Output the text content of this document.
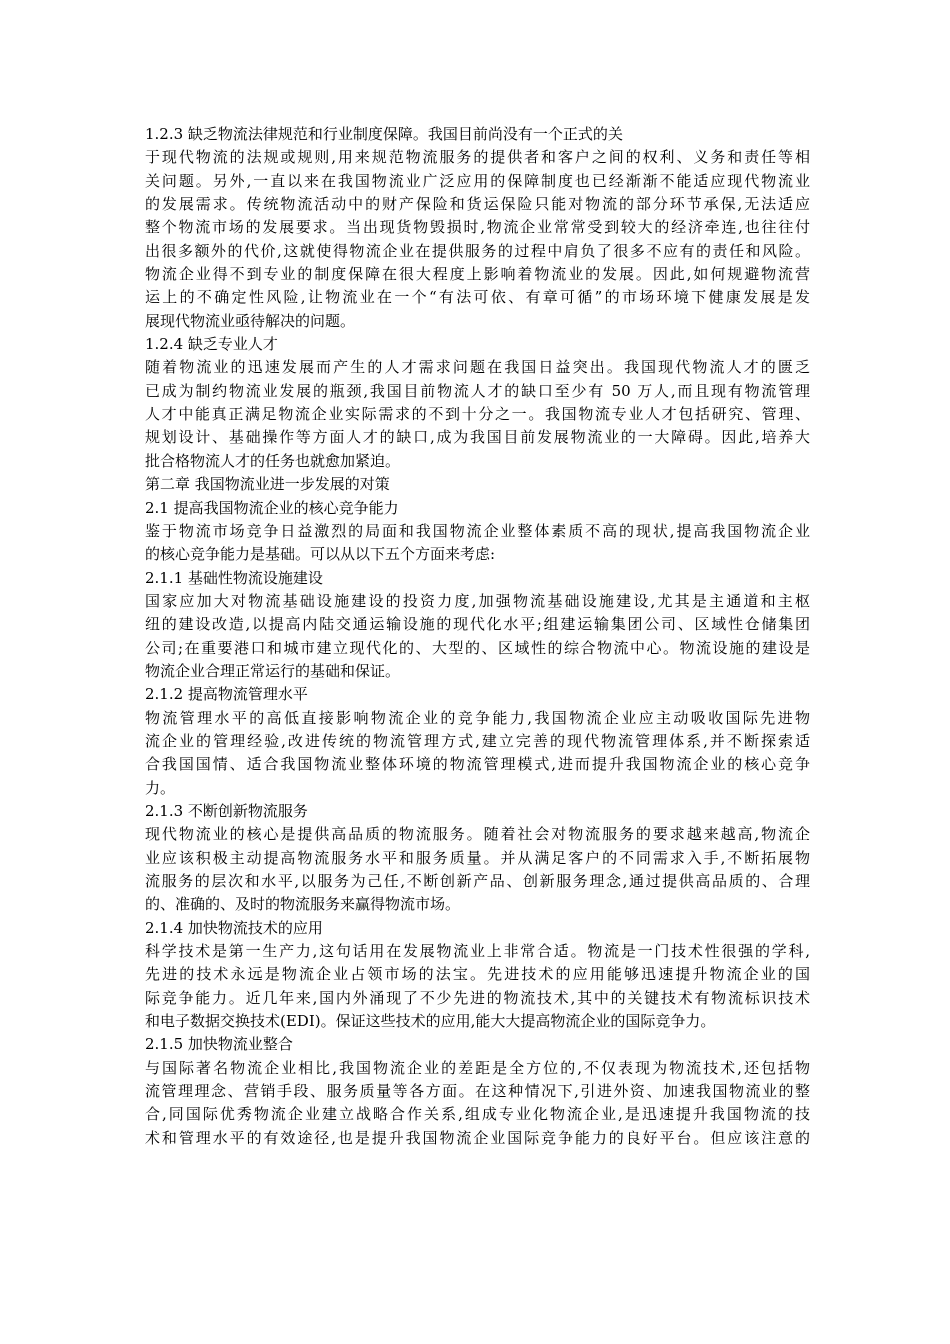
1.2.3 缺乏物流法律规范和行业制度保障。我国目前尚没有一个正式的关
于现代物流的法规或规则,用来规范物流服务的提供者和客户之间的权利、义务和责任等相
关问题。另外,一直以来在我国物流业广泛应用的保障制度也已经渐渐不能适应现代物流业
的发展需求。传统物流活动中的财产保险和货运保险只能对物流的部分环节承保,无法适应
整个物流市场的发展要求。当出现货物毁损时,物流企业常常受到较大的经济牵连,也往往付
出很多额外的代价,这就使得物流企业在提供服务的过程中肩负了很多不应有的责任和风险。
物流企业得不到专业的制度保障在很大程度上影响着物流业的发展。因此,如何规避物流营
运上的不确定性风险,让物流业在一个“有法可依、有章可循”的市场环境下健康发展是发
展现代物流业亟待解决的问题。
1.2.4 缺乏专业人才
随着物流业的迅速发展而产生的人才需求问题在我国日益突出。我国现代物流人才的匮乏
已成为制约物流业发展的瓶颈,我国目前物流人才的缺口至少有 50 万人,而且现有物流管理
人才中能真正满足物流企业实际需求的不到十分之一。我国物流专业人才包括研究、管理、
规划设计、基础操作等方面人才的缺口,成为我国目前发展物流业的一大障碍。因此,培养大
批合格物流人才的任务也就愈加紧迫。
第二章 我国物流业进一步发展的对策
2.1 提高我国物流企业的核心竞争能力
鉴于物流市场竞争日益激烈的局面和我国物流企业整体素质不高的现状,提高我国物流企业
的核心竞争能力是基础。可以从以下五个方面来考虑:
2.1.1 基础性物流设施建设
国家应加大对物流基础设施建设的投资力度,加强物流基础设施建设,尤其是主通道和主枢
纽的建设改造,以提高内陆交通运输设施的现代化水平;组建运输集团公司、区域性仓储集团
公司;在重要港口和城市建立现代化的、大型的、区域性的综合物流中心。物流设施的建设是
物流企业合理正常运行的基础和保证。
2.1.2 提高物流管理水平
物流管理水平的高低直接影响物流企业的竞争能力,我国物流企业应主动吸收国际先进物
流企业的管理经验,改进传统的物流管理方式,建立完善的现代物流管理体系,并不断探索适
合我国国情、适合我国物流业整体环境的物流管理模式,进而提升我国物流企业的核心竞争
力。
2.1.3 不断创新物流服务
现代物流业的核心是提供高品质的物流服务。随着社会对物流服务的要求越来越高,物流企
业应该积极主动提高物流服务水平和服务质量。并从满足客户的不同需求入手,不断拓展物
流服务的层次和水平,以服务为己任,不断创新产品、创新服务理念,通过提供高品质的、合理
的、准确的、及时的物流服务来赢得物流市场。
2.1.4 加快物流技术的应用
科学技术是第一生产力,这句话用在发展物流业上非常合适。物流是一门技术性很强的学科,
先进的技术永远是物流企业占领市场的法宝。先进技术的应用能够迅速提升物流企业的国
际竞争能力。近几年来,国内外涌现了不少先进的物流技术,其中的关键技术有物流标识技术
和电子数据交换技术(EDI)。保证这些技术的应用,能大大提高物流企业的国际竞争力。
2.1.5 加快物流业整合
与国际著名物流企业相比,我国物流企业的差距是全方位的,不仅表现为物流技术,还包括物
流管理理念、营销手段、服务质量等各方面。在这种情况下,引进外资、加速我国物流业的整
合,同国际优秀物流企业建立战略合作关系,组成专业化物流企业,是迅速提升我国物流的技
术和管理水平的有效途径,也是提升我国物流企业国际竞争能力的良好平台。但应该注意的
